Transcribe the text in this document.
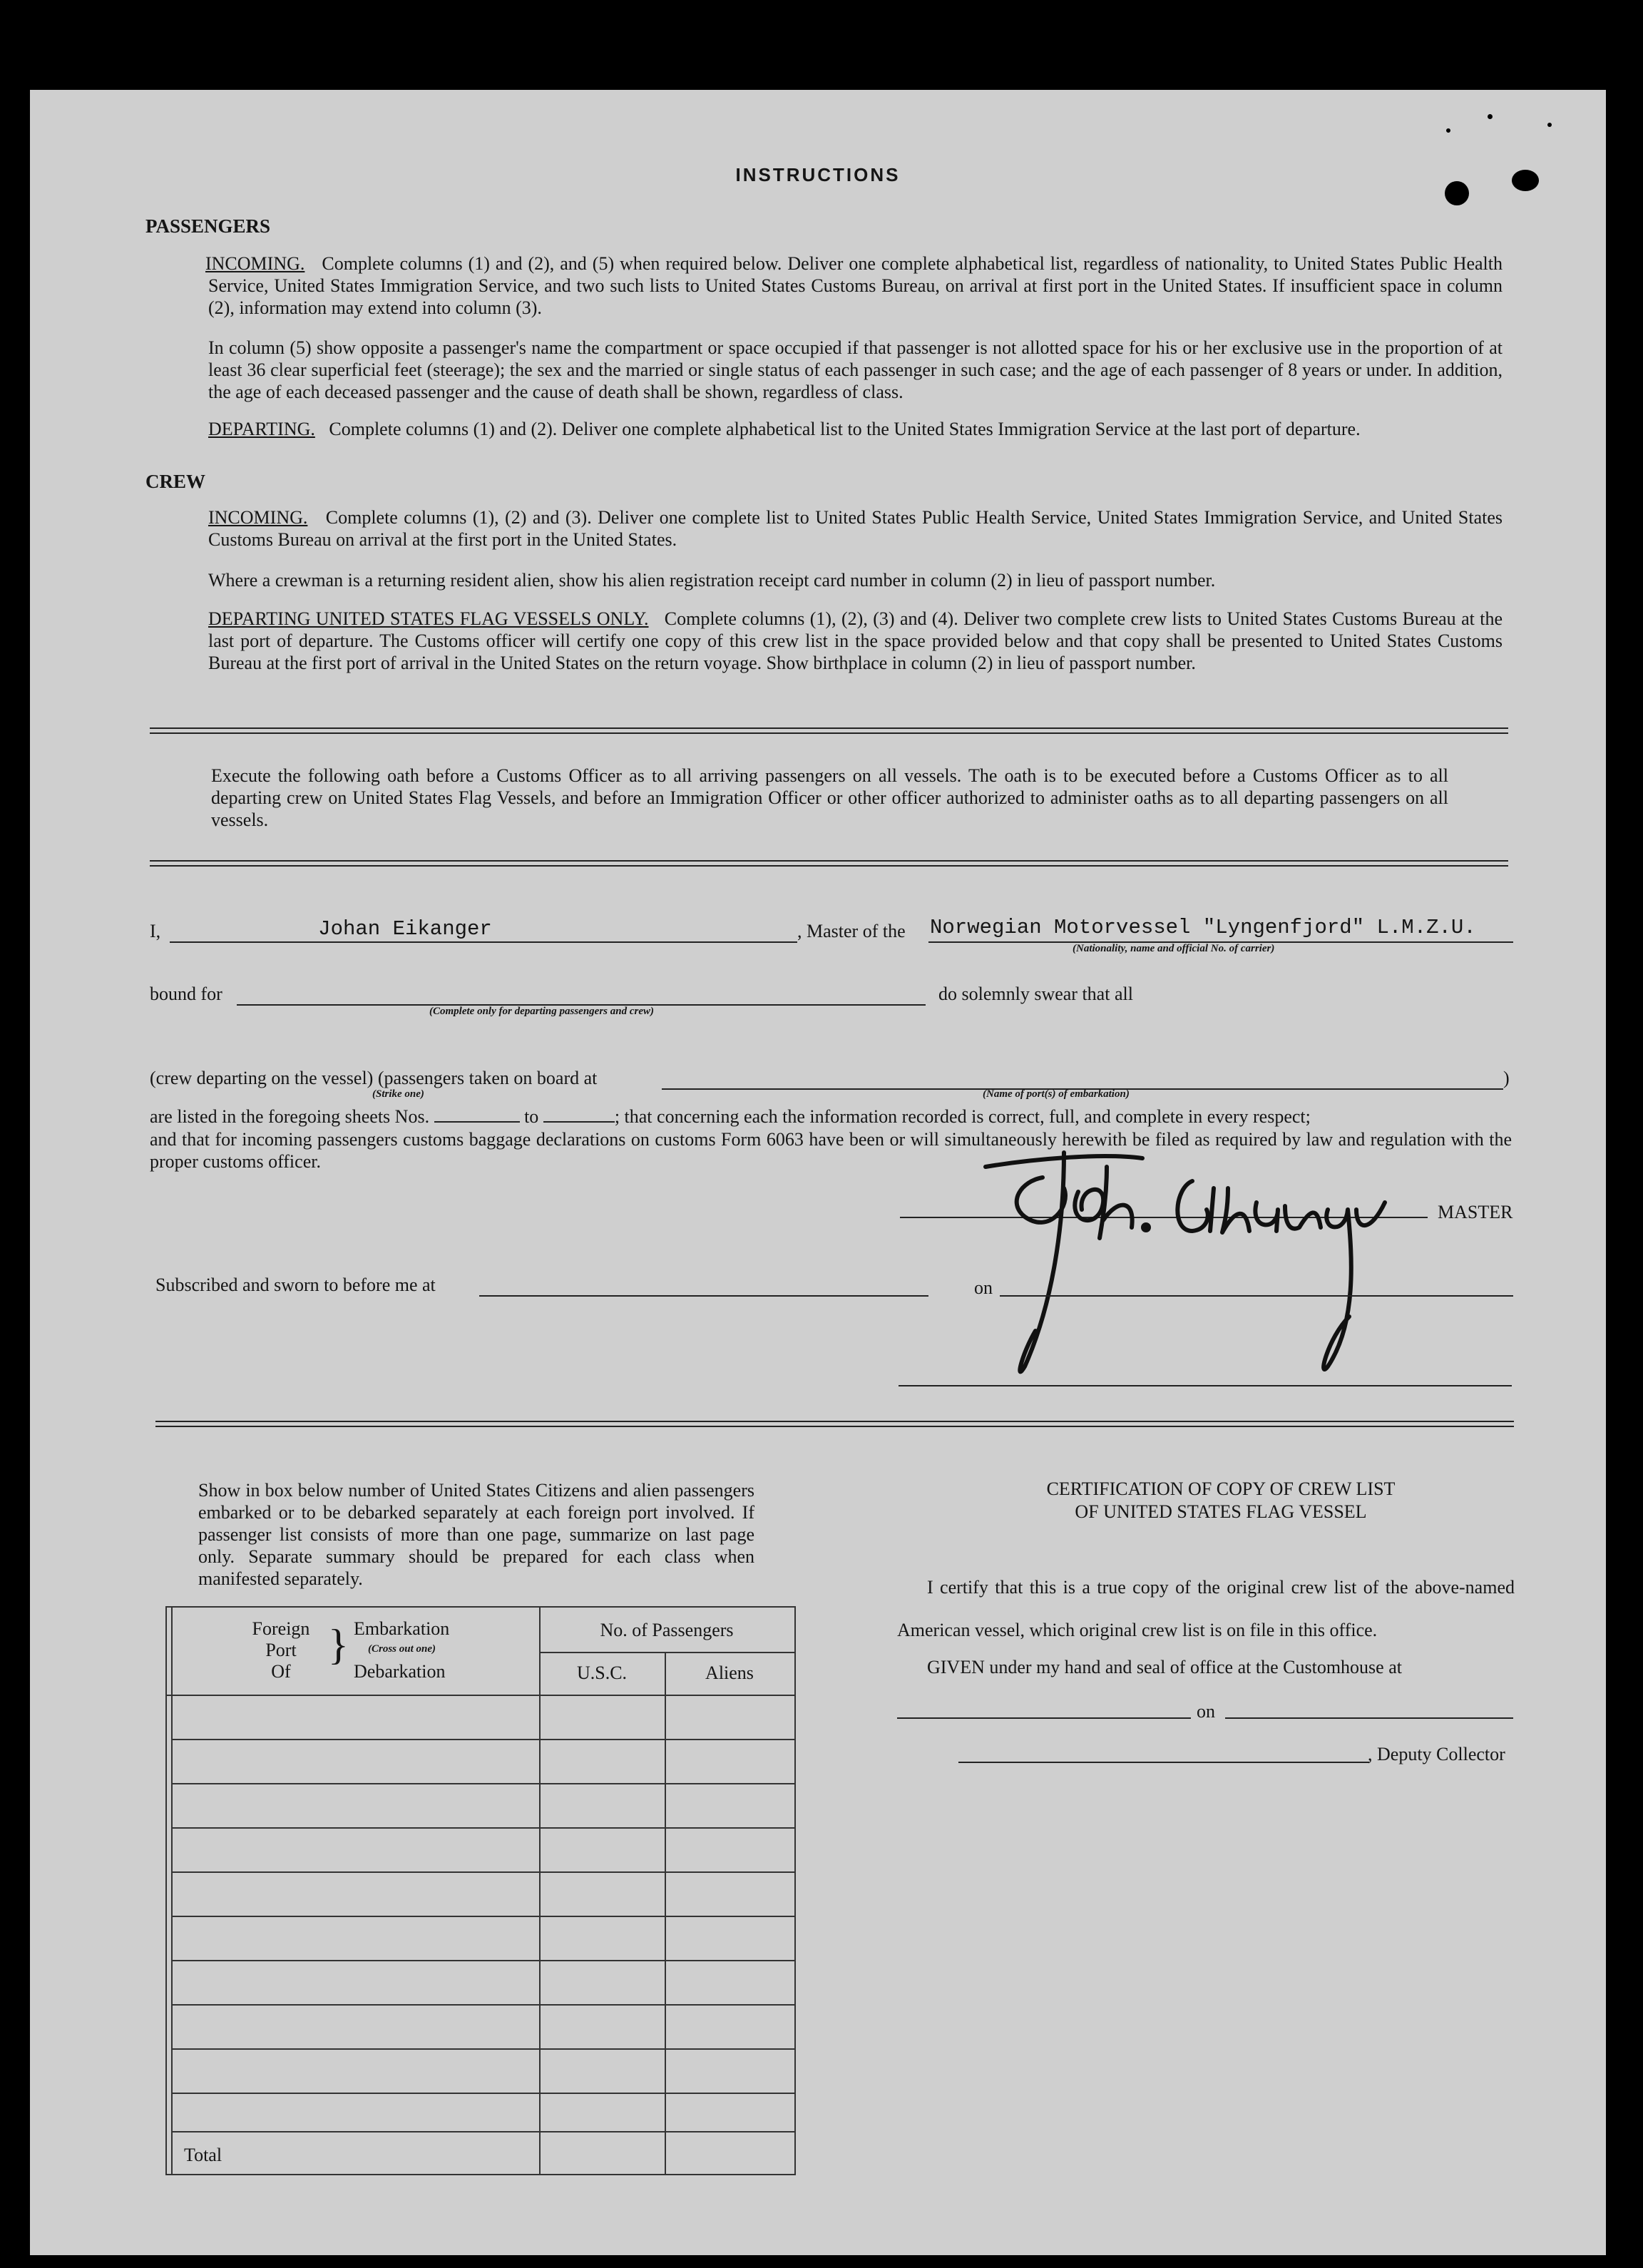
INSTRUCTIONS
PASSENGERS
INCOMING. Complete columns (1) and (2), and (5) when required below. Deliver one complete alphabetical list, regardless of nationality, to United States Public Health Service, United States Immigration Service, and two such lists to United States Customs Bureau, on arrival at first port in the United States. If insufficient space in column (2), information may extend into column (3).
In column (5) show opposite a passenger's name the compartment or space occupied if that passenger is not allotted space for his or her exclusive use in the proportion of at least 36 clear superficial feet (steerage); the sex and the married or single status of each passenger in such case; and the age of each passenger of 8 years or under. In addition, the age of each deceased passenger and the cause of death shall be shown, regardless of class.
DEPARTING. Complete columns (1) and (2). Deliver one complete alphabetical list to the United States Immigration Service at the last port of departure.
CREW
INCOMING. Complete columns (1), (2) and (3). Deliver one complete list to United States Public Health Service, United States Immigration Service, and United States Customs Bureau on arrival at the first port in the United States.
Where a crewman is a returning resident alien, show his alien registration receipt card number in column (2) in lieu of passport number.
DEPARTING UNITED STATES FLAG VESSELS ONLY. Complete columns (1), (2), (3) and (4). Deliver two complete crew lists to United States Customs Bureau at the last port of departure. The Customs officer will certify one copy of this crew list in the space provided below and that copy shall be presented to United States Customs Bureau at the first port of arrival in the United States on the return voyage. Show birthplace in column (2) in lieu of passport number.
Execute the following oath before a Customs Officer as to all arriving passengers on all vessels. The oath is to be executed before a Customs Officer as to all departing crew on United States Flag Vessels, and before an Immigration Officer or other officer authorized to administer oaths as to all departing passengers on all vessels.
I,	Johan Eikanger	, Master of the Norwegian Motorvessel "Lyngenfjord" L.M.Z.U.
(Nationality, name and official No. of carrier)
bound for
(Complete only for departing passengers and crew)
do solemnly swear that all
(crew departing on the vessel) (passengers taken on board at	)
(Strike one)	(Name of port(s) of embarkation)
are listed in the foregoing sheets Nos.	to	; that concerning each the information recorded is correct, full, and complete in every respect;
and that for incoming passengers customs baggage declarations on customs Form 6063 have been or will simultaneously herewith be filed as required by law and regulation with the proper customs officer.
MASTER
Subscribed and sworn to before me at	on
Show in box below number of United States Citizens and alien passengers embarked or to be debarked separately at each foreign port involved. If passenger list consists of more than one page, summarize on last page only. Separate summary should be prepared for each class when manifested separately.
Foreign
Port
Of
} Embarkation
(Cross out one)
Debarkation
No. of Passengers
U.S.C.	Aliens
Total
CERTIFICATION OF COPY OF CREW LIST
OF UNITED STATES FLAG VESSEL
I certify that this is a true copy of the original crew list of the above-named American vessel, which original crew list is on file in this office.
GIVEN under my hand and seal of office at the Customhouse at
on
, Deputy Collector
